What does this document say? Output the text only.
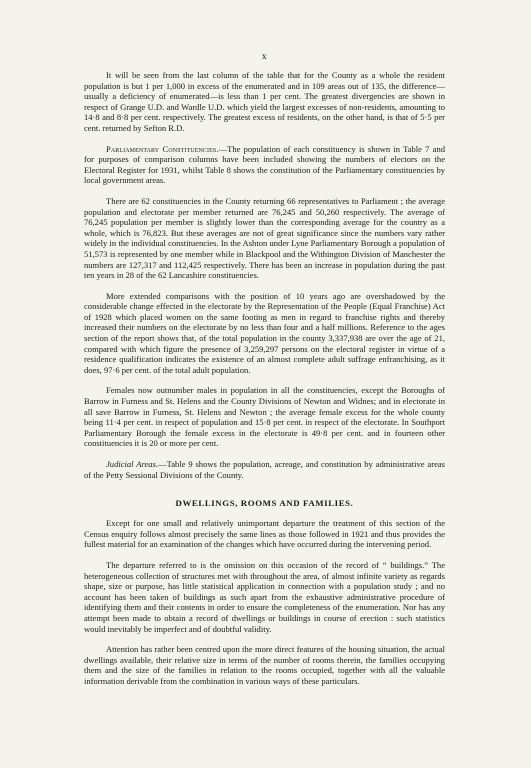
x

It will be seen from the last column of the table that for the County as a whole the resident population is but 1 per 1,000 in excess of the enumerated and in 109 areas out of 135, the difference—usually a deficiency of enumerated—is less than 1 per cent. The greatest divergencies are shown in respect of Grange U.D. and Wardle U.D. which yield the largest excesses of non-residents, amounting to 14·8 and 8·8 per cent. respectively. The greatest excess of residents, on the other hand, is that of 5·5 per cent. returned by Sefton R.D.

Parliamentary Constituencies.—The population of each constituency is shown in Table 7 and for purposes of comparison columns have been included showing the numbers of electors on the Electoral Register for 1931, whilst Table 8 shows the constitution of the Parliamentary constituencies by local government areas.

There are 62 constituencies in the County returning 66 representatives to Parliament ; the average population and electorate per member returned are 76,245 and 50,260 respectively. The average of 76,245 population per member is slightly lower than the corresponding average for the country as a whole, which is 76,823. But these averages are not of great significance since the numbers vary rather widely in the individual constituencies. In the Ashton under Lyne Parliamentary Borough a population of 51,573 is represented by one member while in Blackpool and the Withington Division of Manchester the numbers are 127,317 and 112,425 respectively. There has been an increase in population during the past ten years in 28 of the 62 Lancashire constituencies.

More extended comparisons with the position of 10 years ago are overshadowed by the considerable change effected in the electorate by the Representation of the People (Equal Franchise) Act of 1928 which placed women on the same footing as men in regard to franchise rights and thereby increased their numbers on the electorate by no less than four and a half millions. Reference to the ages section of the report shows that, of the total population in the county 3,337,938 are over the age of 21, compared with which figure the presence of 3,259,297 persons on the electoral register in virtue of a residence qualification indicates the existence of an almost complete adult suffrage enfranchising, as it does, 97·6 per cent. of the total adult population.

Females now outnumber males in population in all the constituencies, except the Boroughs of Barrow in Furness and St. Helens and the County Divisions of Newton and Widnes; and in electorate in all save Barrow in Furness, St. Helens and Newton ; the average female excess for the whole county being 11·4 per cent. in respect of population and 15·8 per cent. in respect of the electorate. In Southport Parliamentary Borough the female excess in the electorate is 49·8 per cent. and in fourteen other constituencies it is 20 or more per cent.

Judicial Areas.—Table 9 shows the population, acreage, and constitution by administrative areas of the Petty Sessional Divisions of the County.

DWELLINGS, ROOMS AND FAMILIES.

Except for one small and relatively unimportant departure the treatment of this section of the Census enquiry follows almost precisely the same lines as those followed in 1921 and thus provides the fullest material for an examination of the changes which have occurred during the intervening period.

The departure referred to is the omission on this occasion of the record of “ buildings.” The heterogeneous collection of structures met with throughout the area, of almost infinite variety as regards shape, size or purpose, has little statistical application in connection with a population study ; and no account has been taken of buildings as such apart from the exhaustive administrative procedure of identifying them and their contents in order to ensure the completeness of the enumeration. Nor has any attempt been made to obtain a record of dwellings or buildings in course of erection : such statistics would inevitably be imperfect and of doubtful validity.

Attention has rather been centred upon the more direct features of the housing situation, the actual dwellings available, their relative size in terms of the number of rooms therein, the families occupying them and the size of the families in relation to the rooms occupied, together with all the valuable information derivable from the combination in various ways of these particulars.
